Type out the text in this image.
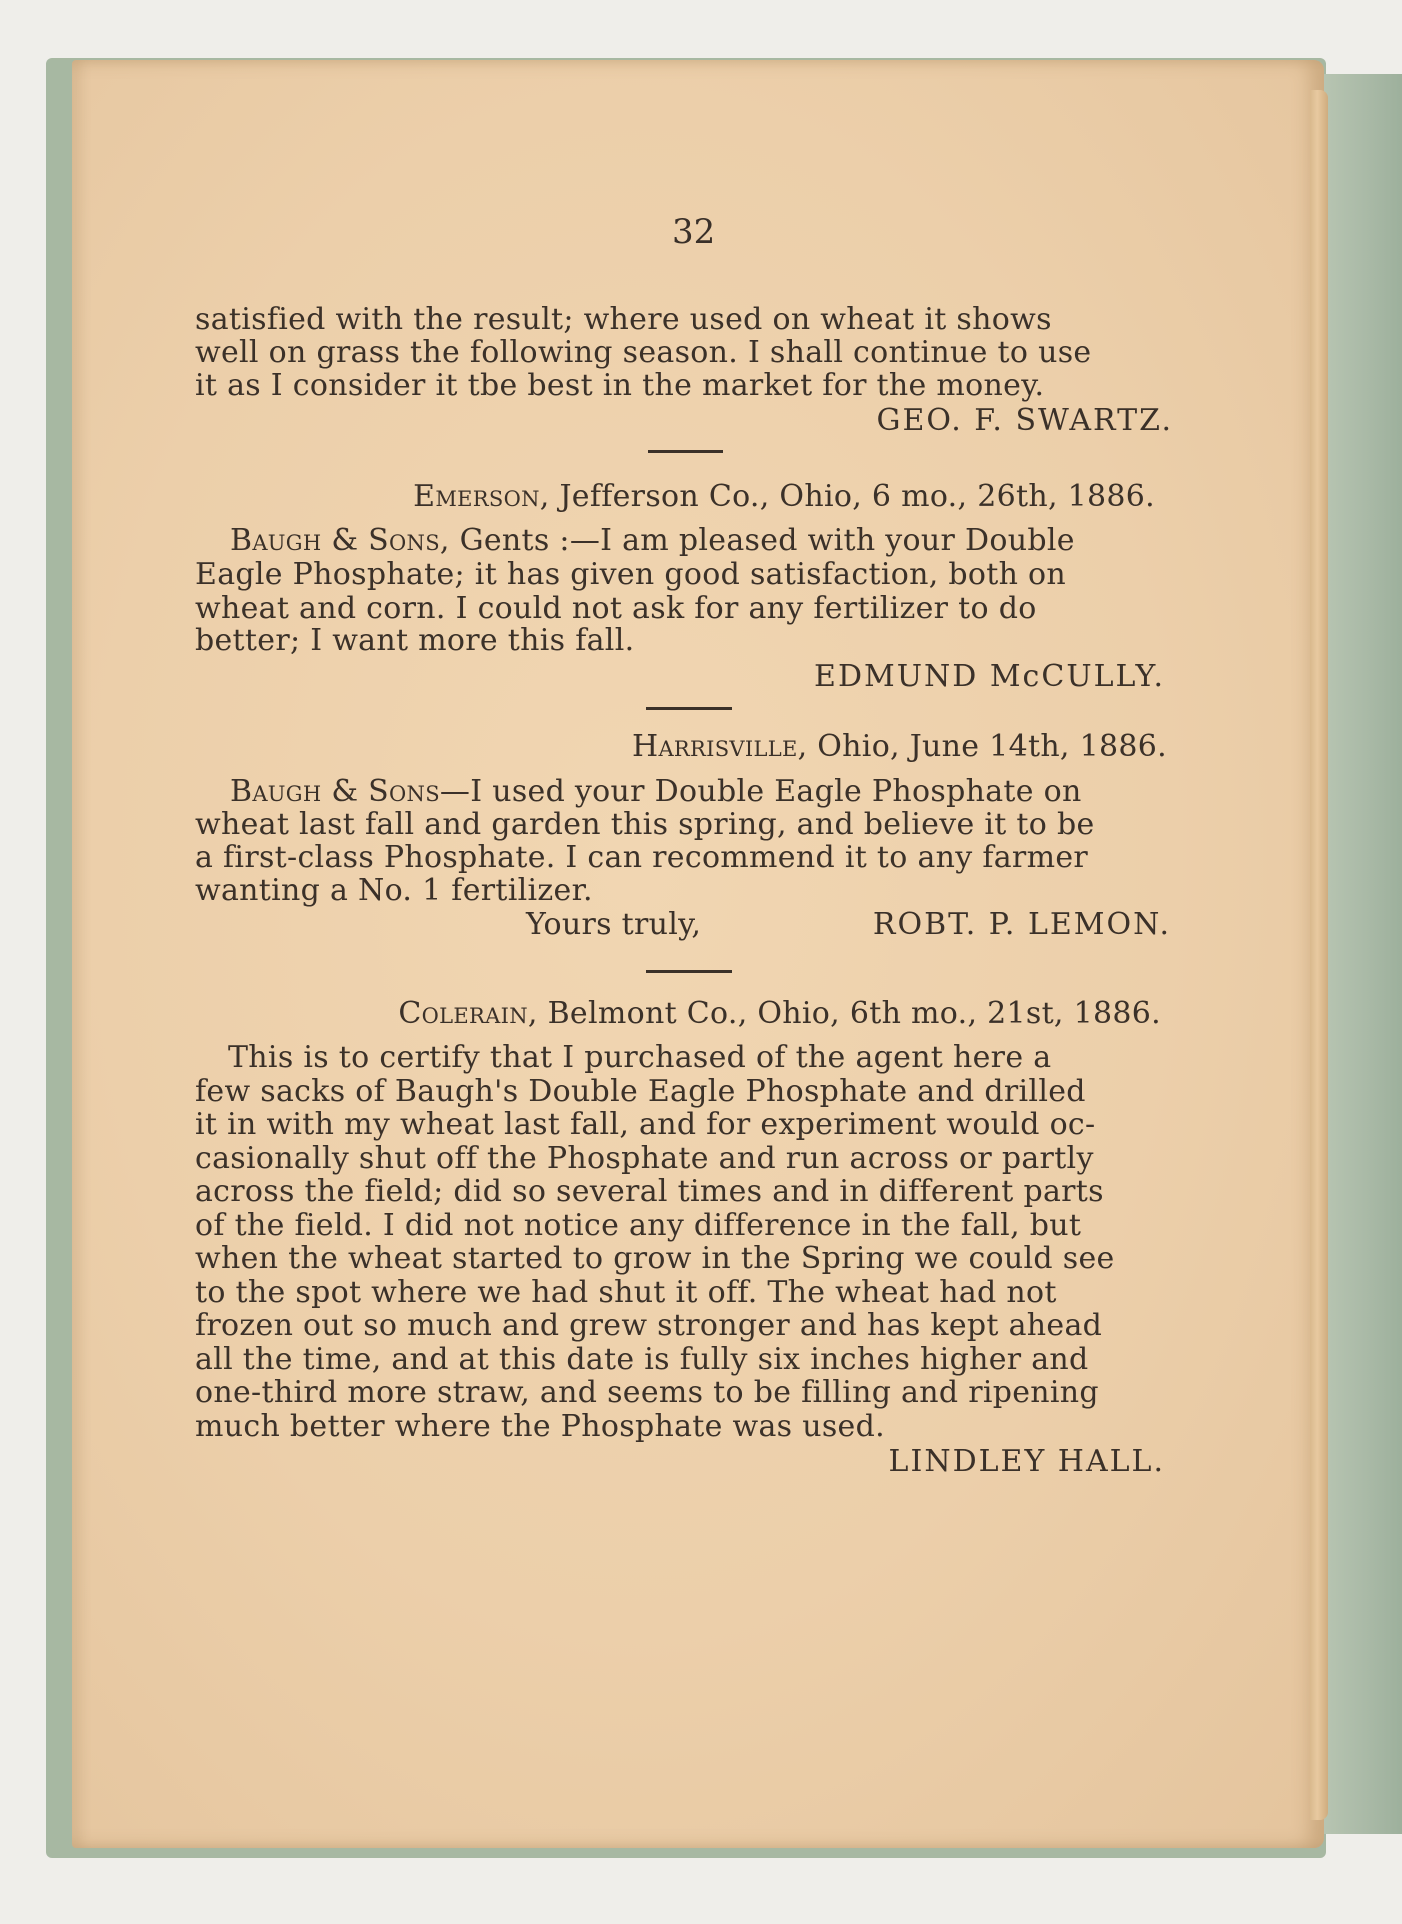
32
satisfied with the result; where used on wheat it shows
well on grass the following season. I shall continue to use
it as I consider it tbe best in the market for the money.
GEO. F. SWARTZ.
Emerson, Jefferson Co., Ohio, 6 mo., 26th, 1886.
Baugh & Sons, Gents :—I am pleased with your Double
Eagle Phosphate; it has given good satisfaction, both on
wheat and corn. I could not ask for any fertilizer to do
better; I want more this fall.
EDMUND McCULLY.
Harrisville, Ohio, June 14th, 1886.
Baugh & Sons—I used your Double Eagle Phosphate on
wheat last fall and garden this spring, and believe it to be
a first-class Phosphate. I can recommend it to any farmer
wanting a No. 1 fertilizer.
Yours truly,	ROBT. P. LEMON.
Colerain, Belmont Co., Ohio, 6th mo., 21st, 1886.
This is to certify that I purchased of the agent here a
few sacks of Baugh's Double Eagle Phosphate and drilled
it in with my wheat last fall, and for experiment would oc-
casionally shut off the Phosphate and run across or partly
across the field; did so several times and in different parts
of the field. I did not notice any difference in the fall, but
when the wheat started to grow in the Spring we could see
to the spot where we had shut it off. The wheat had not
frozen out so much and grew stronger and has kept ahead
all the time, and at this date is fully six inches higher and
one-third more straw, and seems to be filling and ripening
much better where the Phosphate was used.
LINDLEY HALL.
